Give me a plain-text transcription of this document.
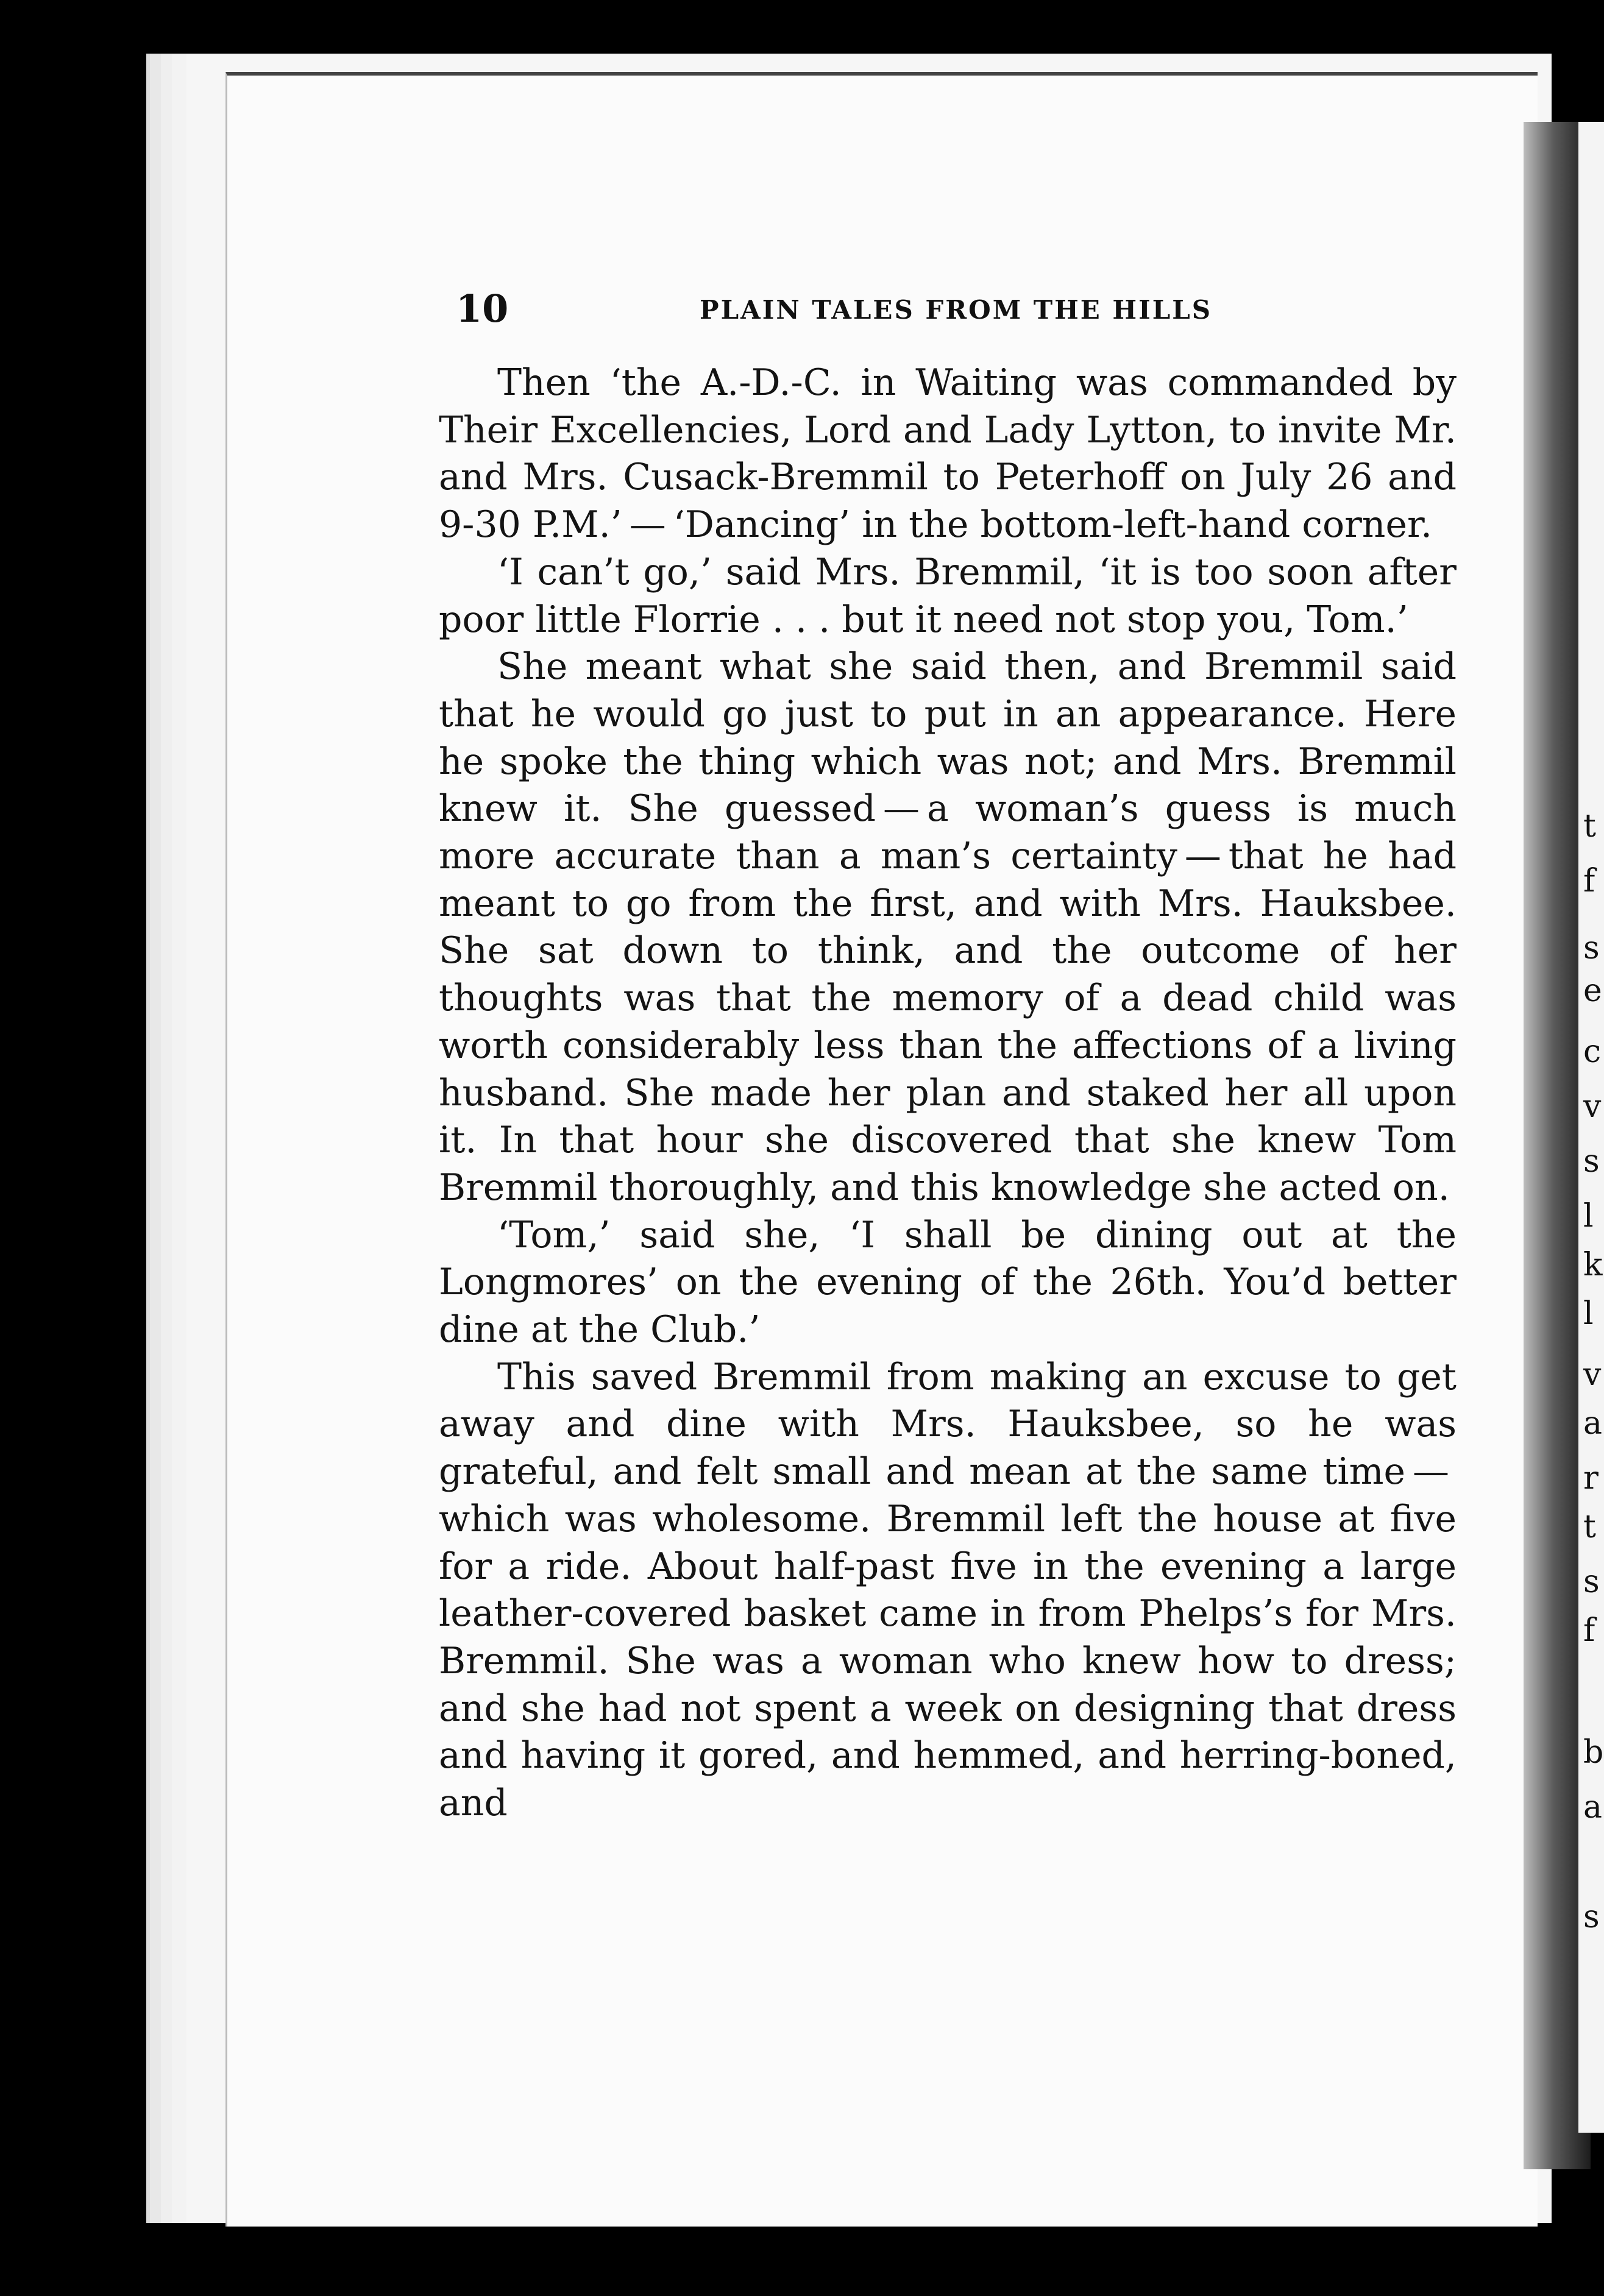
t
f
s
e
c
v
s
l
k
l
v
a
r
t
s
f
b
a
s
10	PLAIN TALES FROM THE HILLS

Then ‘the A.-D.-C. in Waiting was commanded by Their Excellencies, Lord and Lady Lytton, to invite Mr. and Mrs. Cusack-Bremmil to Peterhoff on July 26 and 9-30 P.M.’ — ‘Dancing’ in the bottom-left-hand corner.

‘I can’t go,’ said Mrs. Bremmil, ‘it is too soon after poor little Florrie . . . but it need not stop you, Tom.’

She meant what she said then, and Bremmil said that he would go just to put in an appearance. Here he spoke the thing which was not; and Mrs. Bremmil knew it. She guessed — a woman’s guess is much more accurate than a man’s certainty — that he had meant to go from the first, and with Mrs. Hauksbee. She sat down to think, and the outcome of her thoughts was that the memory of a dead child was worth considerably less than the affections of a living husband. She made her plan and staked her all upon it. In that hour she discovered that she knew Tom Bremmil thoroughly, and this knowledge she acted on.

‘Tom,’ said she, ‘I shall be dining out at the Longmores’ on the evening of the 26th. You’d better dine at the Club.’

This saved Bremmil from making an excuse to get away and dine with Mrs. Hauksbee, so he was grateful, and felt small and mean at the same time — which was wholesome. Bremmil left the house at five for a ride. About half-past five in the evening a large leather-covered basket came in from Phelps’s for Mrs. Bremmil. She was a woman who knew how to dress; and she had not spent a week on designing that dress and having it gored, and hemmed, and herring-boned, and
